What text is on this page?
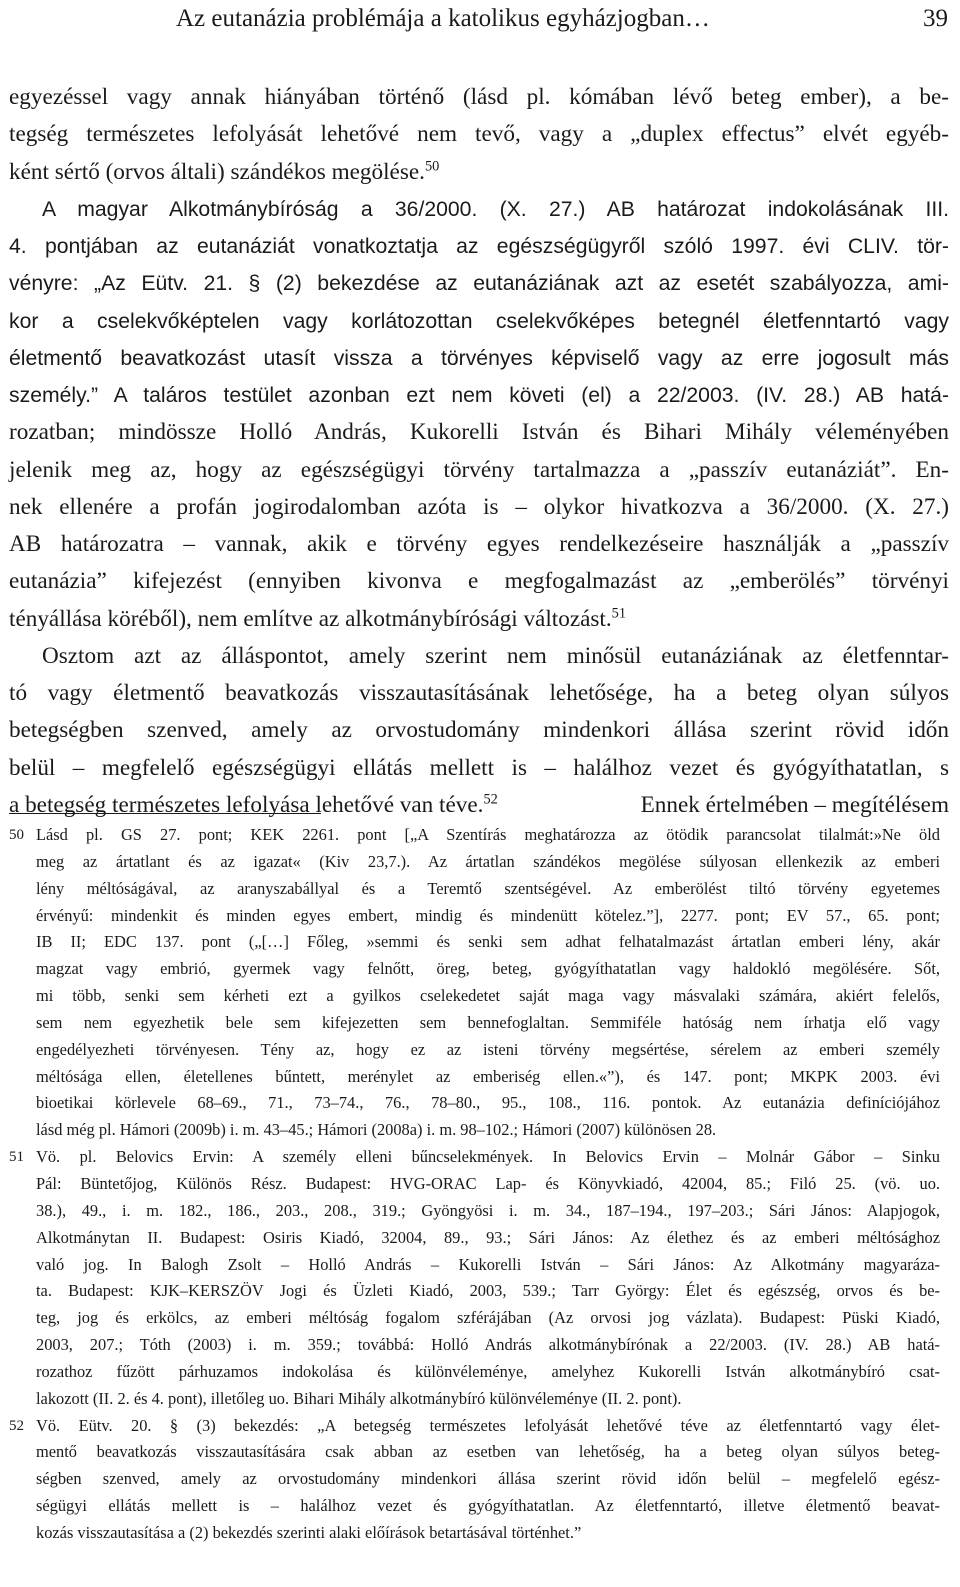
Az eutanázia problémája a katolikus egyházjogban…	39
egyezéssel vagy annak hiányában történő (lásd pl. kómában lévő beteg ember), a be-
tegség természetes lefolyását lehetővé nem tevő, vagy a „duplex effectus” elvét egyéb-
ként sértő (orvos általi) szándékos megölése.$^{50}$
A magyar Alkotmánybíróság a 36/2000. (X. 27.) AB határozat indokolásának III.
4. pontjában az eutanáziát vonatkoztatja az egészségügyről szóló 1997. évi CLIV. tör-
vényre: „Az Eütv. 21. § (2) bekezdése az eutanáziának azt az esetét szabályozza, ami-
kor a cselekvőképtelen vagy korlátozottan cselekvőképes betegnél életfenntartó vagy
életmentő beavatkozást utasít vissza a törvényes képviselő vagy az erre jogosult más
személy.” A taláros testület azonban ezt nem követi (el) a 22/2003. (IV. 28.) AB hatá-
rozatban; mindössze Holló András, Kukorelli István és Bihari Mihály véleményében
jelenik meg az, hogy az egészségügyi törvény tartalmazza a „passzív eutanáziát”. En-
nek ellenére a profán jogirodalomban azóta is – olykor hivatkozva a 36/2000. (X. 27.)
AB határozatra – vannak, akik e törvény egyes rendelkezéseire használják a „passzív
eutanázia” kifejezést (ennyiben kivonva e megfogalmazást az „emberölés” törvényi
tényállása köréből), nem említve az alkotmánybírósági változást.$^{51}$
Osztom azt az álláspontot, amely szerint nem minősül eutanáziának az életfenntar-
tó vagy életmentő beavatkozás visszautasításának lehetősége, ha a beteg olyan súlyos
betegségben szenved, amely az orvostudomány mindenkori állása szerint rövid időn
belül – megfelelő egészségügyi ellátás mellett is – halálhoz vezet és gyógyíthatatlan, s
a betegség természetes lefolyása lehetővé van téve.$^{52}$	Ennek értelmében – megítélésem
50 Lásd pl. GS 27. pont; KEK 2261. pont [„A Szentírás meghatározza az ötödik parancsolat tilalmát:»Ne öld
meg az ártatlant és az igazat« (Kiv 23,7.). Az ártatlan szándékos megölése súlyosan ellenkezik az emberi
lény méltóságával, az aranyszabállyal és a Teremtő szentségével. Az emberölést tiltó törvény egyetemes
érvényű: mindenkit és minden egyes embert, mindig és mindenütt kötelez.”], 2277. pont; EV 57., 65. pont;
IB II; EDC 137. pont („[…] Főleg, »semmi és senki sem adhat felhatalmazást ártatlan emberi lény, akár
magzat vagy embrió, gyermek vagy felnőtt, öreg, beteg, gyógyíthatatlan vagy haldokló megölésére. Sőt,
mi több, senki sem kérheti ezt a gyilkos cselekedetet saját maga vagy másvalaki számára, akiért felelős,
sem nem egyezhetik bele sem kifejezetten sem bennefoglaltan. Semmiféle hatóság nem írhatja elő vagy
engedélyezheti törvényesen. Tény az, hogy ez az isteni törvény megsértése, sérelem az emberi személy
méltósága ellen, életellenes bűntett, merénylet az emberiség ellen.«”), és 147. pont; MKPK 2003. évi
bioetikai körlevele 68–69., 71., 73–74., 76., 78–80., 95., 108., 116. pontok. Az eutanázia definíciójához
lásd még pl. Hámori (2009b) i. m. 43–45.; Hámori (2008a) i. m. 98–102.; Hámori (2007) különösen 28.
51 Vö. pl. Belovics Ervin: A személy elleni bűncselekmények. In Belovics Ervin – Molnár Gábor – Sinku
Pál: Büntetőjog, Különös Rész. Budapest: HVG-ORAC Lap- és Könyvkiadó, 42004, 85.; Filó 25. (vö. uo.
38.), 49., i. m. 182., 186., 203., 208., 319.; Gyöngyösi i. m. 34., 187–194., 197–203.; Sári János: Alapjogok,
Alkotmánytan II. Budapest: Osiris Kiadó, 32004, 89., 93.; Sári János: Az élethez és az emberi méltósághoz
való jog. In Balogh Zsolt – Holló András – Kukorelli István – Sári János: Az Alkotmány magyaráza-
ta. Budapest: KJK–KERSZÖV Jogi és Üzleti Kiadó, 2003, 539.; Tarr György: Élet és egészség, orvos és be-
teg, jog és erkölcs, az emberi méltóság fogalom szférájában (Az orvosi jog vázlata). Budapest: Püski Kiadó,
2003, 207.; Tóth (2003) i. m. 359.; továbbá: Holló András alkotmánybírónak a 22/2003. (IV. 28.) AB hatá-
rozathoz fűzött párhuzamos indokolása és különvéleménye, amelyhez Kukorelli István alkotmánybíró csat-
lakozott (II. 2. és 4. pont), illetőleg uo. Bihari Mihály alkotmánybíró különvéleménye (II. 2. pont).
52 Vö. Eütv. 20. § (3) bekezdés: „A betegség természetes lefolyását lehetővé téve az életfenntartó vagy élet-
mentő beavatkozás visszautasítására csak abban az esetben van lehetőség, ha a beteg olyan súlyos beteg-
ségben szenved, amely az orvostudomány mindenkori állása szerint rövid időn belül – megfelelő egész-
ségügyi ellátás mellett is – halálhoz vezet és gyógyíthatatlan. Az életfenntartó, illetve életmentő beavat-
kozás visszautasítása a (2) bekezdés szerinti alaki előírások betartásával történhet.”
